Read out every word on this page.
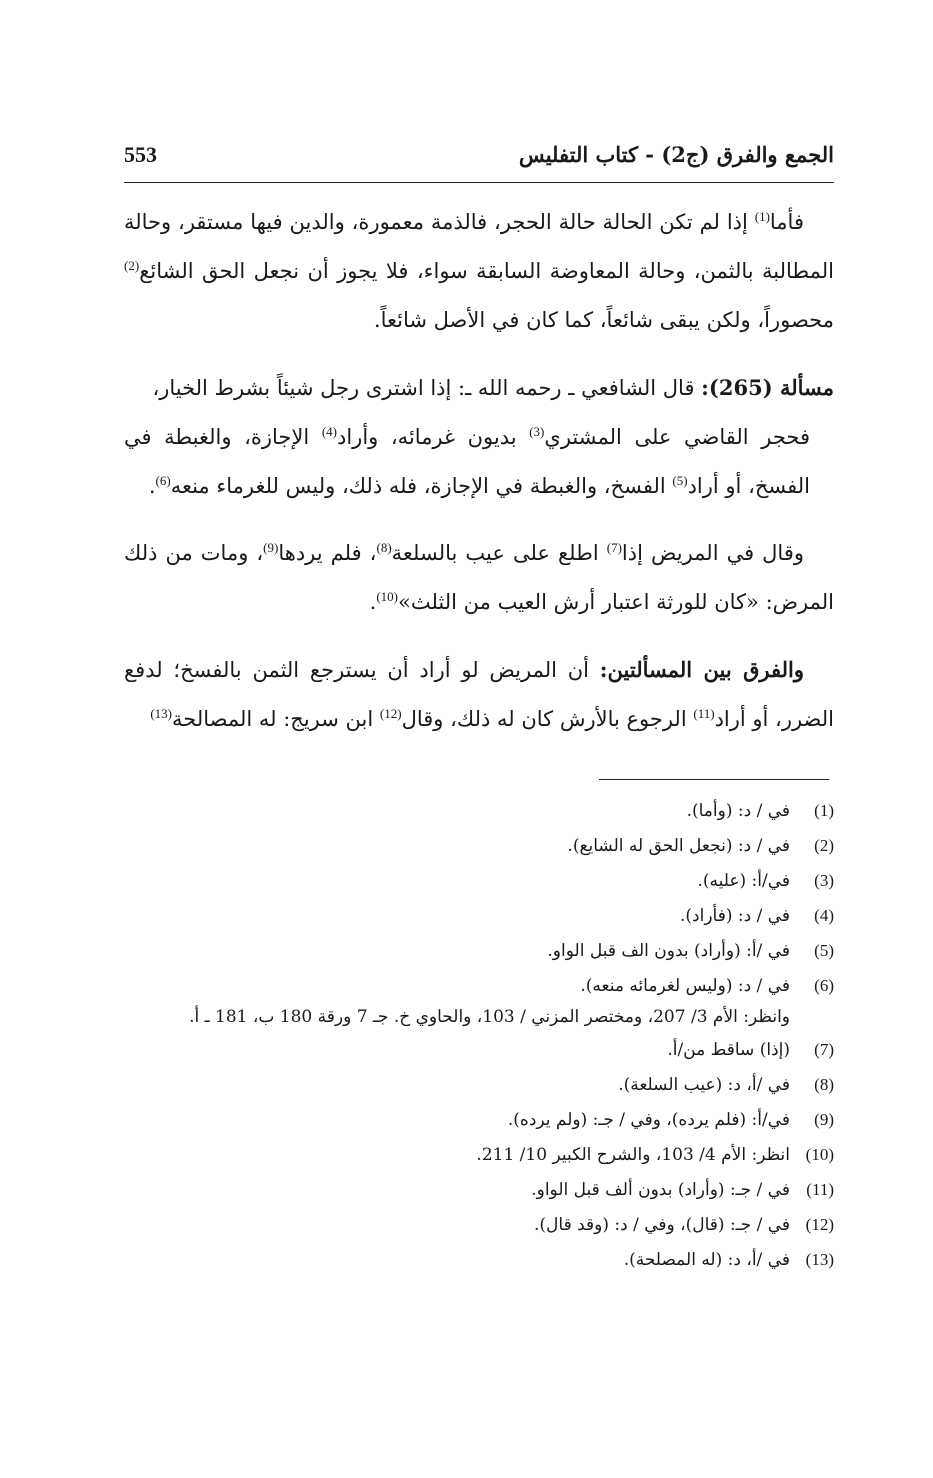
الجمع والفرق (ج2) - كتاب التفليس
553

فأما$^{(1)}$ إذا لم تكن الحالة حالة الحجر، فالذمة معمورة، والدين فيها مستقر، وحالة المطالبة بالثمن، وحالة المعاوضة السابقة سواء، فلا يجوز أن نجعل الحق الشائع$^{(2)}$ محصوراً، ولكن يبقى شائعاً، كما كان في الأصل شائعاً.

مسألة (265): قال الشافعي ـ رحمه الله ـ: إذا اشترى رجل شيئاً بشرط الخيار،
فحجر القاضي على المشتري$^{(3)}$ بديون غرمائه، وأراد$^{(4)}$ الإجازة، والغبطة في الفسخ، أو أراد$^{(5)}$ الفسخ، والغبطة في الإجازة، فله ذلك، وليس للغرماء منعه$^{(6)}$.

وقال في المريض إذا$^{(7)}$ اطلع على عيب بالسلعة$^{(8)}$، فلم يردها$^{(9)}$، ومات من ذلك المرض: «كان للورثة اعتبار أرش العيب من الثلث»$^{(10)}$.

والفرق بين المسألتين: أن المريض لو أراد أن يسترجع الثمن بالفسخ؛ لدفع الضرر، أو أراد$^{(11)}$ الرجوع بالأرش كان له ذلك، وقال$^{(12)}$ ابن سريج: له المصالحة$^{(13)}$

(1)في / د: (وأما).
(2)في / د: (نجعل الحق له الشايع).
(3)في/أ: (عليه).
(4)في / د: (فأراد).
(5)في /أ: (وأراد) بدون الف قبل الواو.
(6)في / د: (وليس لغرمائه منعه).
وانظر: الأم 3/ 207، ومختصر المزني / 103، والحاوي خ. جـ 7 ورقة 180 ب، 181 ـ أ.
(7)(إذا) ساقط من/أ.
(8)في /أ، د: (عيب السلعة).
(9)في/أ: (فلم يرده)، وفي / جـ: (ولم يرده).
(10)انظر: الأم 4/ 103، والشرح الكبير 10/ 211.
(11)في / جـ: (وأراد) بدون ألف قبل الواو.
(12)في / جـ: (قال)، وفي / د: (وقد قال).
(13)في /أ، د: (له المصلحة).
